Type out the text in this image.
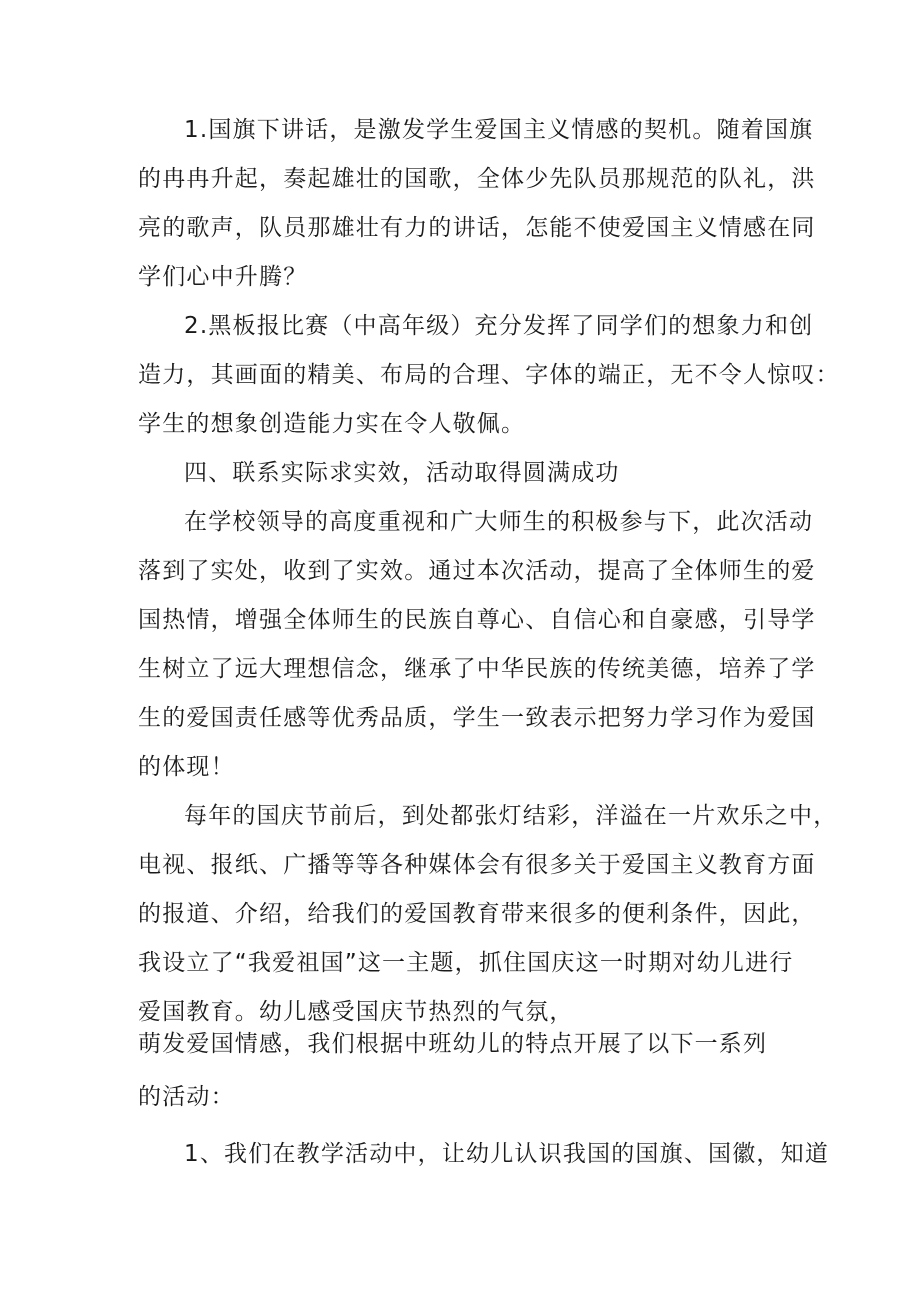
1.国旗下讲话，是激发学生爱国主义情感的契机。随着国旗

的冉冉升起，奏起雄壮的国歌，全体少先队员那规范的队礼，洪

亮的歌声，队员那雄壮有力的讲话，怎能不使爱国主义情感在同

学们心中升腾？

2.黑板报比赛（中高年级）充分发挥了同学们的想象力和创

造力，其画面的精美、布局的合理、字体的端正，无不令人惊叹：

学生的想象创造能力实在令人敬佩。

四、联系实际求实效，活动取得圆满成功

在学校领导的高度重视和广大师生的积极参与下，此次活动

落到了实处，收到了实效。通过本次活动，提高了全体师生的爱

国热情，增强全体师生的民族自尊心、自信心和自豪感，引导学

生树立了远大理想信念，继承了中华民族的传统美德，培养了学

生的爱国责任感等优秀品质，学生一致表示把努力学习作为爱国

的体现！

每年的国庆节前后，到处都张灯结彩，洋溢在一片欢乐之中，

电视、报纸、广播等等各种媒体会有很多关于爱国主义教育方面

的报道、介绍，给我们的爱国教育带来很多的便利条件，因此，

我设立了“我爱祖国”这一主题，抓住国庆这一时期对幼儿进行

爱国教育。幼儿感受国庆节热烈的气氛，

萌发爱国情感，我们根据中班幼儿的特点开展了以下一系列

的活动：

1、我们在教学活动中，让幼儿认识我国的国旗、国徽，知道
